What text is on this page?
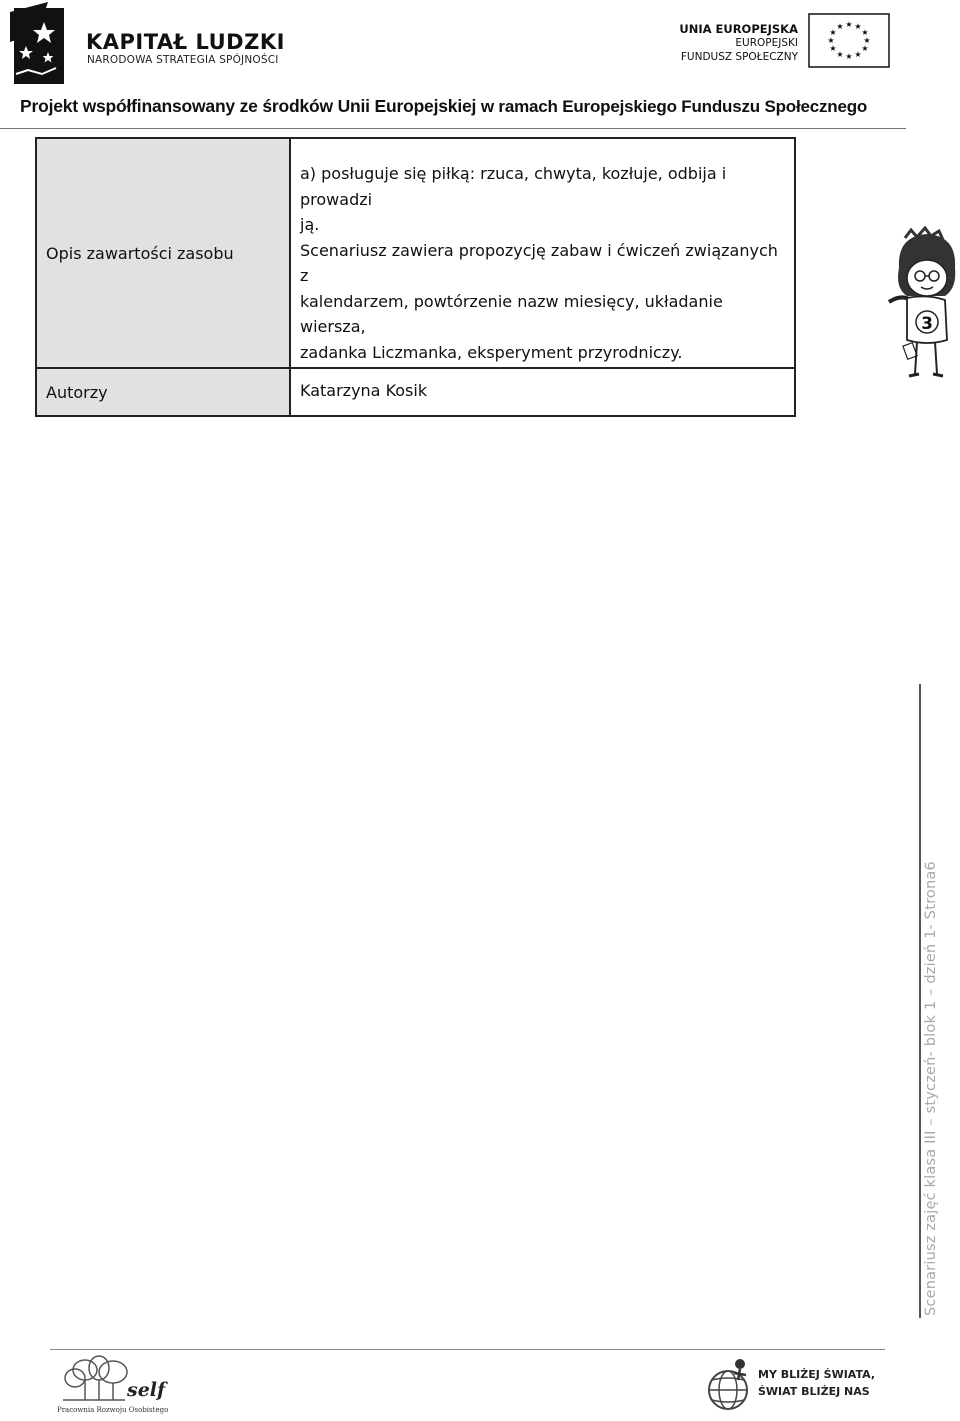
KAPITAŁ LUDZKI
NARODOWA STRATEGIA SPÓJNOŚCI
UNIA EUROPEJSKA
EUROPEJSKI
FUNDUSZ SPOŁECZNY
★ ★
★
★
★
★
★
★
★
★
★
★
Projekt współfinansowany ze środków Unii Europejskiej w ramach Europejskiego Funduszu Społecznego
Opis zawartości zasobu	a) posługuje się piłką: rzuca, chwyta, kozłuje, odbija i prowadzi
ją.
Scenariusz zawiera propozycję zabaw i ćwiczeń związanych z
kalendarzem, powtórzenie nazw miesięcy, układanie wiersza,
zadanka Liczmanka, eksperyment przyrodniczy.

Autorzy	Katarzyna Kosik
3
Scenariusz zajęć klasa III – styczeń- blok 1 – dzień 1- Strona6
self
Pracownia Rozwoju Osobistego
MY BLIŻEJ ŚWIATA,
ŚWIAT BLIŻEJ NAS
